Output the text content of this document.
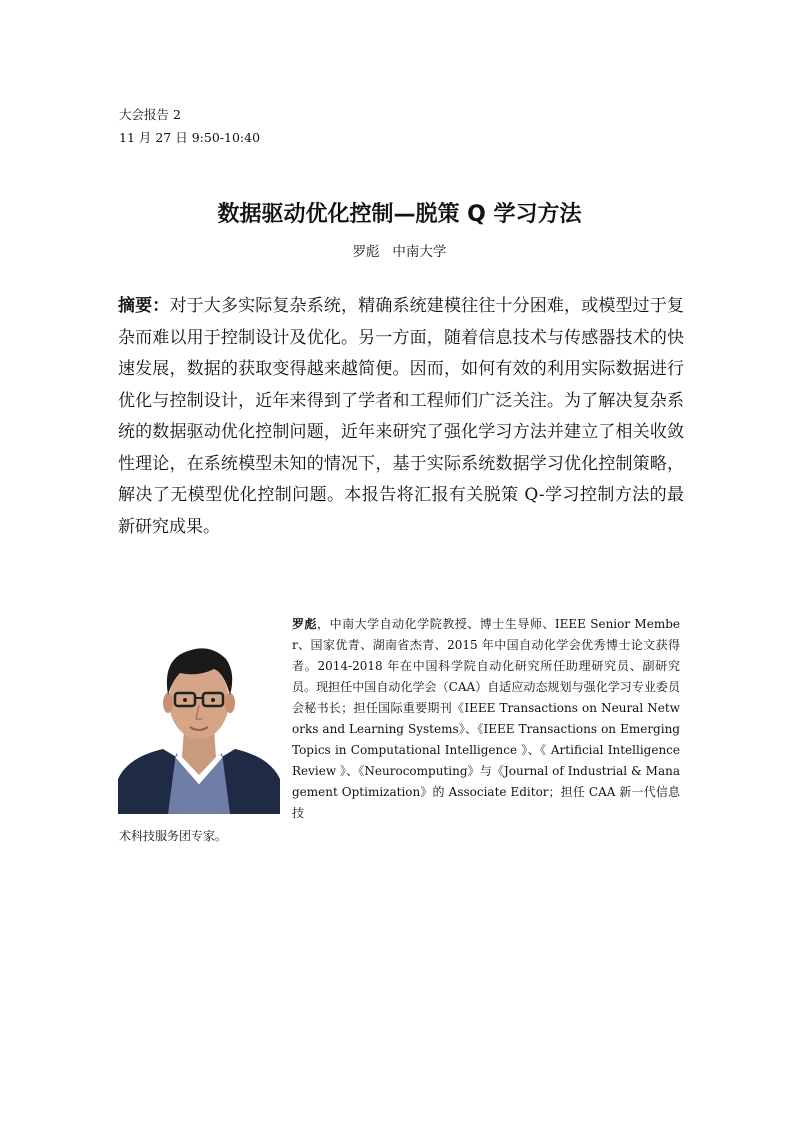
大会报告 2
11 月 27 日 9:50-10:40
数据驱动优化控制—脱策 Q 学习方法
罗彪   中南大学
摘要：对于大多实际复杂系统，精确系统建模往往十分困难，或模型过于复杂而难以用于控制设计及优化。另一方面，随着信息技术与传感器技术的快速发展，数据的获取变得越来越简便。因而，如何有效的利用实际数据进行优化与控制设计，近年来得到了学者和工程师们广泛关注。为了解决复杂系统的数据驱动优化控制问题，近年来研究了强化学习方法并建立了相关收敛性理论，在系统模型未知的情况下，基于实际系统数据学习优化控制策略，解决了无模型优化控制问题。本报告将汇报有关脱策 Q-学习控制方法的最新研究成果。
罗彪，中南大学自动化学院教授、博士生导师、IEEE Senior Member、国家优青、湖南省杰青、2015 年中国自动化学会优秀博士论文获得者。2014-2018 年在中国科学院自动化研究所任助理研究员、副研究员。现担任中国自动化学会（CAA）自适应动态规划与强化学习专业委员会秘书长；担任国际重要期刊《IEEE Transactions on Neural Networks and Learning Systems》、《IEEE Transactions on Emerging Topics in Computational Intelligence 》、《 Artificial Intelligence Review 》、《Neurocomputing》与《Journal of Industrial & Management Optimization》的 Associate Editor；担任 CAA 新一代信息技
术科技服务团专家。
